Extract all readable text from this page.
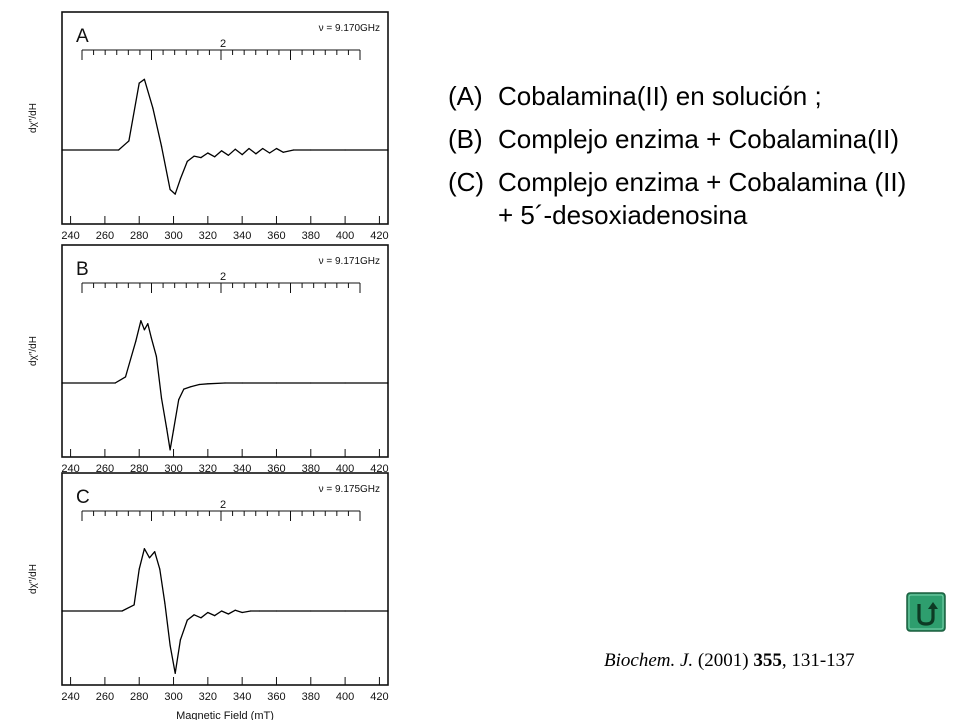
A	ν = 9.170GHz
2
240 260 280 300 320 340 360 380 400 420
dχ″/dH
B	ν = 9.171GHz
2
240 260 280 300 320 340 360 380 400 420
dχ″/dH
C	ν = 9.175GHz
2
240 260 280 300 320 340 360 380 400 420
dχ″/dH
Magnetic Field (mT)
(A) Cobalamina(II) en solución ;
(B) Complejo enzima + Cobalamina(II)
(C) Complejo enzima + Cobalamina (II) + 5´-desoxiadenosina
Biochem. J. (2001) 355, 131-137
